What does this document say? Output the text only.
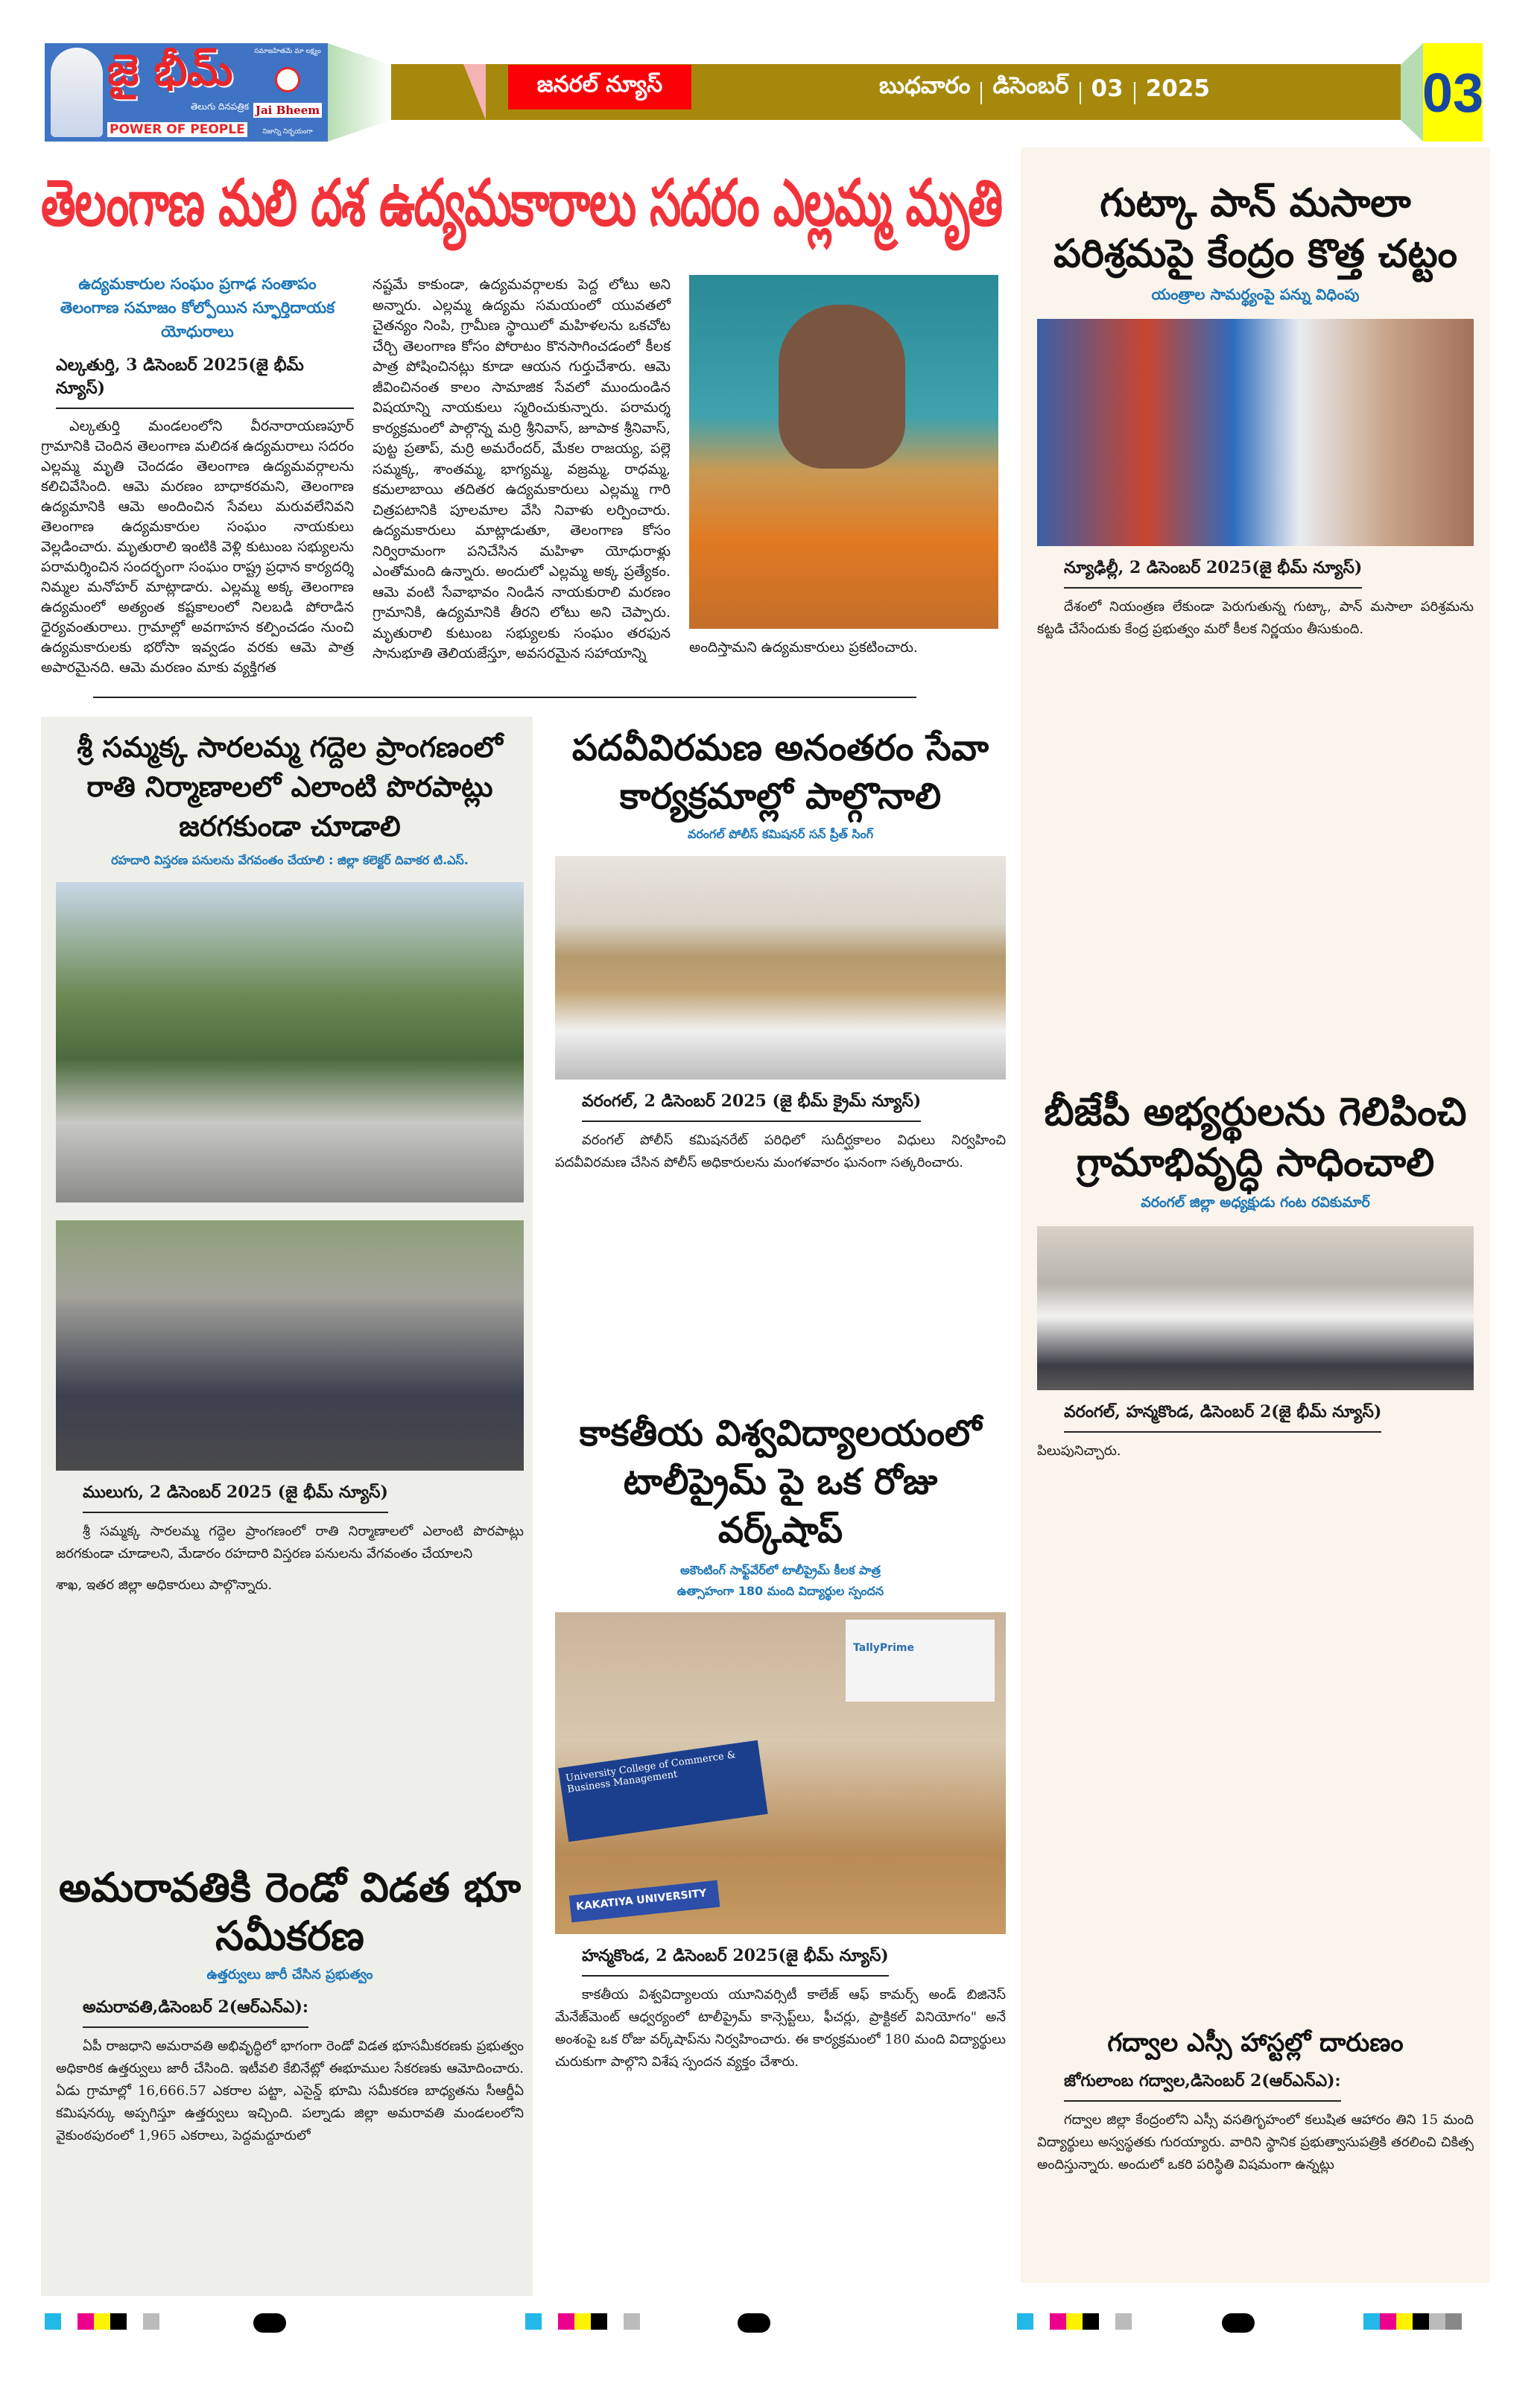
జై భీమ్
తెలుగు దినపత్రిక
POWER OF PEOPLE
సమాజహితమే మా లక్ష్యం
Jai Bheem
నిజాన్ని నిర్భయంగా
జనరల్ న్యూస్	బుధవారం డిసెంబర్ 03 2025	03
తెలంగాణ మలి దశ ఉద్యమకారాలు సదరం ఎల్లమ్మ మృతి
ఉద్యమకారుల సంఘం ప్రగాఢ సంతాపం
తెలంగాణ సమాజం కోల్పోయిన స్ఫూర్తిదాయక యోధురాలు
ఎల్కతుర్తి, 3 డిసెంబర్ 2025(జై భీమ్ న్యూస్)
ఎల్కతుర్తి మండలంలోని వీరనారాయణపూర్ గ్రామానికి చెందిన తెలంగాణ మలిదశ ఉద్యమరాలు సదరం ఎల్లమ్మ మృతి చెందడం తెలంగాణ ఉద్యమవర్గాలను కలిచివేసింది. ఆమె మరణం బాధాకరమని, తెలంగాణ ఉద్యమానికి ఆమె అందించిన సేవలు మరువలేనివని తెలంగాణ ఉద్యమకారుల సంఘం నాయకులు వెల్లడించారు. మృతురాలి ఇంటికి వెళ్లి కుటుంబ సభ్యులను పరామర్శించిన సందర్భంగా సంఘం రాష్ట్ర ప్రధాన కార్యదర్శి నిమ్మల మనోహర్ మాట్లాడారు. ఎల్లమ్మ అక్క తెలంగాణ ఉద్యమంలో అత్యంత కష్టకాలంలో నిలబడి పోరాడిన ధైర్యవంతురాలు. గ్రామాల్లో అవగాహన కల్పించడం నుంచి ఉద్యమకారులకు భరోసా ఇవ్వడం వరకు ఆమె పాత్ర అపారమైనది. ఆమె మరణం మాకు వ్యక్తిగత
నష్టమే కాకుండా, ఉద్యమవర్గాలకు పెద్ద లోటు అని అన్నారు. ఎల్లమ్మ ఉద్యమ సమయంలో యువతలో చైతన్యం నింపి, గ్రామీణ స్థాయిలో మహిళలను ఒకచోట చేర్చి తెలంగాణ కోసం పోరాటం కొనసాగించడంలో కీలక పాత్ర పోషించినట్లు కూడా ఆయన గుర్తుచేశారు. ఆమె జీవించినంత కాలం సామాజిక సేవలో ముందుండిన విషయాన్ని నాయకులు స్మరించుకున్నారు. పరామర్శ కార్యక్రమంలో పాల్గొన్న మర్రి శ్రీనివాస్, జూపాక శ్రీనివాస్, పుట్ట ప్రతాప్, మర్రి అమరేందర్, మేకల రాజయ్య, పల్లె సమ్మక్క, శాంతమ్మ, భాగ్యమ్మ, వజ్రమ్మ, రాధమ్మ, కమలాబాయి తదితర ఉద్యమకారులు ఎల్లమ్మ గారి చిత్రపటానికి పూలమాల వేసి నివాళు లర్పించారు. ఉద్యమకారులు మాట్లాడుతూ, తెలంగాణ కోసం నిర్విరామంగా పనిచేసిన మహిళా యోధురాళ్లు ఎంతోమంది ఉన్నారు. అందులో ఎల్లమ్మ అక్క ప్రత్యేకం. ఆమె వంటి సేవాభావం నిండిన నాయకురాలి మరణం గ్రామానికి, ఉద్యమానికి తీరని లోటు అని చెప్పారు. మృతురాలి కుటుంబ సభ్యులకు సంఘం తరఫున సానుభూతి తెలియజేస్తూ, అవసరమైన సహాయాన్ని	అందిస్తామని ఉద్యమకారులు ప్రకటించారు.
శ్రీ సమ్మక్క సారలమ్మ గద్దెల ప్రాంగణంలో రాతి నిర్మాణాలలో ఎలాంటి పొరపాట్లు జరగకుండా చూడాలి
రహదారి విస్తరణ పనులను వేగవంతం చేయాలి : జిల్లా కలెక్టర్ దివాకర టి.ఎస్.
ములుగు, 2 డిసెంబర్ 2025 (జై భీమ్ న్యూస్)
శ్రీ సమ్మక్క సారలమ్మ గద్దెల ప్రాంగణంలో రాతి నిర్మాణాలలో ఎలాంటి పొరపాట్లు జరగకుండా చూడాలని, మేడారం రహదారి విస్తరణ పనులను వేగవంతం చేయాలని
శాఖ, ఇతర జిల్లా అధికారులు పాల్గొన్నారు.
అమరావతికి రెండో విడత భూ సమీకరణ
ఉత్తర్వులు జారీ చేసిన ప్రభుత్వం
అమరావతి,డిసెంబర్ 2(ఆర్ఎన్ఎ):
ఏపీ రాజధాని అమరావతి అభివృద్ధిలో భాగంగా రెండో విడత భూసమీకరణకు ప్రభుత్వం అధికారిక ఉత్తర్వులు జారీ చేసింది. ఇటీవలి కేబినేట్లో ఈభూముల సేకరణకు ఆమోదించారు. ఏడు గ్రామాల్లో 16,666.57 ఎకరాల పట్టా, ఎసైన్డ్ భూమి సమీకరణ బాధ్యతను సీఆర్డీఏ కమిషనర్కు అప్పగిస్తూ ఉత్తర్వులు ఇచ్చింది. పల్నాడు జిల్లా అమరావతి మండలంలోని వైకుంఠపురంలో 1,965 ఎకరాలు, పెద్దమద్దూరులో
పదవీవిరమణ అనంతరం సేవా కార్యక్రమాల్లో పాల్గొనాలి
వరంగల్ పోలీస్ కమిషనర్ సన్ ప్రీత్ సింగ్
వరంగల్, 2 డిసెంబర్ 2025 (జై భీమ్ క్రైమ్ న్యూస్)
వరంగల్ పోలీస్ కమిషనరేట్ పరిధిలో సుదీర్ఘకాలం విధులు నిర్వహించి పదవీవిరమణ చేసిన పోలీస్ అధికారులను మంగళవారం ఘనంగా సత్కరించారు.
కాకతీయ విశ్వవిద్యాలయంలో టాలీప్రైమ్ పై ఒక రోజు వర్క్‌షాప్
అకౌంటింగ్ సాఫ్ట్‌వేర్‌లో టాలీప్రైమ్ కీలక పాత్ర
ఉత్సాహంగా 180 మంది విద్యార్థుల స్పందన
TallyPrime
University College of Commerce & Business Management
KAKATIYA UNIVERSITY
హన్మకొండ, 2 డిసెంబర్ 2025(జై భీమ్ న్యూస్)
కాకతీయ విశ్వవిద్యాలయ యూనివర్సిటీ కాలేజ్ ఆఫ్ కామర్స్ అండ్ బిజినెస్ మేనేజ్‌మెంట్ ఆధ్వర్యంలో టాలీప్రైమ్ కాన్సెప్ట్‌లు, ఫీచర్లు, ప్రాక్టికల్ వినియోగం" అనే అంశంపై ఒక రోజు వర్క్‌షాప్‌ను నిర్వహించారు. ఈ కార్యక్రమంలో 180 మంది విద్యార్థులు చురుకుగా పాల్గొని విశేష స్పందన వ్యక్తం చేశారు.
గుట్కా పాన్ మసాలా పరిశ్రమపై కేంద్రం కొత్త చట్టం
యంత్రాల సామర్థ్యంపై పన్ను విధింపు
న్యూఢిల్లీ, 2 డిసెంబర్ 2025(జై భీమ్ న్యూస్)
దేశంలో నియంత్రణ లేకుండా పెరుగుతున్న గుట్కా, పాన్ మసాలా పరిశ్రమను కట్టడి చేసేందుకు కేంద్ర ప్రభుత్వం మరో కీలక నిర్ణయం తీసుకుంది.
బీజేపీ అభ్యర్థులను గెలిపించి గ్రామాభివృద్ధి సాధించాలి
వరంగల్ జిల్లా అధ్యక్షుడు గంట రవికుమార్
వరంగల్, హన్మకొండ, డిసెంబర్ 2(జై భీమ్ న్యూస్)
పిలుపునిచ్చారు.
గద్వాల ఎస్సీ హాస్టల్లో దారుణం
జోగులాంబ గద్వాల,డిసెంబర్ 2(ఆర్ఎన్ఎ):
గద్వాల జిల్లా కేంద్రంలోని ఎస్సీ వసతిగృహంలో కలుషిత ఆహారం తిని 15 మంది విద్యార్థులు అస్వస్థతకు గురయ్యారు. వారిని స్థానిక ప్రభుత్వాసుపత్రికి తరలించి చికిత్స అందిస్తున్నారు. అందులో ఒకరి పరిస్థితి విషమంగా ఉన్నట్లు
